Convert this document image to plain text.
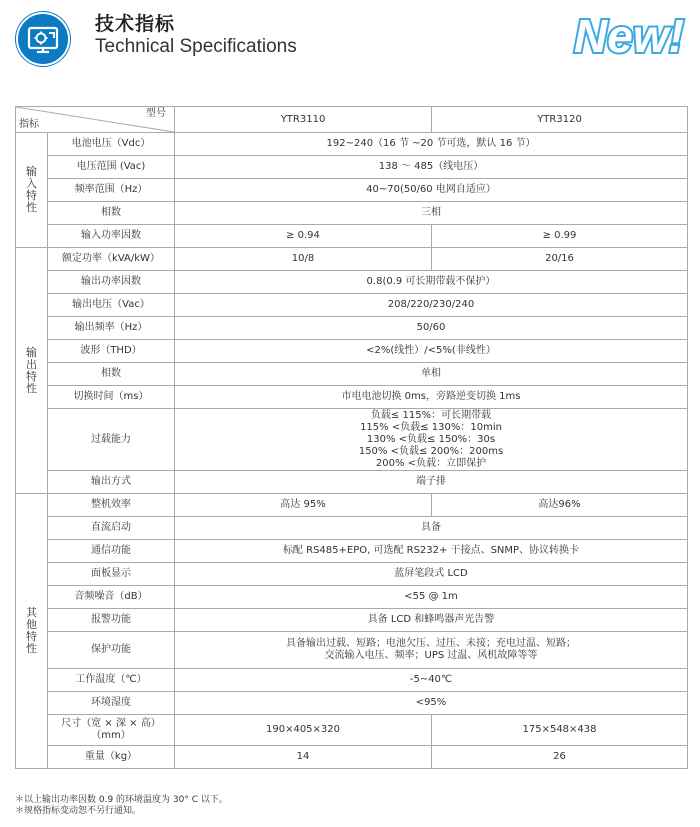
技术指标
Technical Specifications	New!
型号
指标		YTR3110	YTR3120

输
入
特
性	电池电压（Vdc）	192~240（16 节 ~20 节可选，默认 16 节）	
	电压范围 (Vac)	138 ～ 485（线电压）	
	频率范围（Hz）	40~70(50/60 电网自适应）	
	相数	三相	
	输入功率因数	≥ 0.94	≥ 0.99

输
出
特
性	额定功率（kVA/kW）	10/8	20/16
	输出功率因数	0.8(0.9 可长期带载不保护）	
	输出电压（Vac）	208/220/230/240	
	输出频率（Hz）	50/60	
	波形（THD）	<2%(线性）/<5%(非线性）	
	相数	单相	
	切换时间（ms）	市电电池切换 0ms，旁路逆变切换 1ms	
	过载能力	负载≤ 115%：可长期带载
115% <负载≤ 130%：10min
130% <负载≤ 150%：30s
150% <负载≤ 200%：200ms
200% <负载：立即保护	

	输出方式	端子排	

其
他
特
性	整机效率	高达 95%	高达96%
	直流启动	具备	
	通信功能	标配 RS485+EPO, 可选配 RS232+ 干接点、SNMP、协议转换卡	
	面板显示	蓝屏笔段式 LCD	
	音频噪音（dB）	<55 @ 1m	
	报警功能	具备 LCD 和蜂鸣器声光告警	
	保护功能	具备输出过载、短路；电池欠压、过压、未接；充电过温、短路；
交流输入电压、频率；UPS 过温、风机故障等等	

	工作温度（℃）	-5~40℃	
	环境湿度	<95%	

	尺寸（宽 × 深 × 高）
（mm）	190×405×320	175×548×438
	重量（kg）	14	26
＊以上输出功率因数 0.9 的环境温度为 30° C 以下。
＊规格指标变动恕不另行通知。
